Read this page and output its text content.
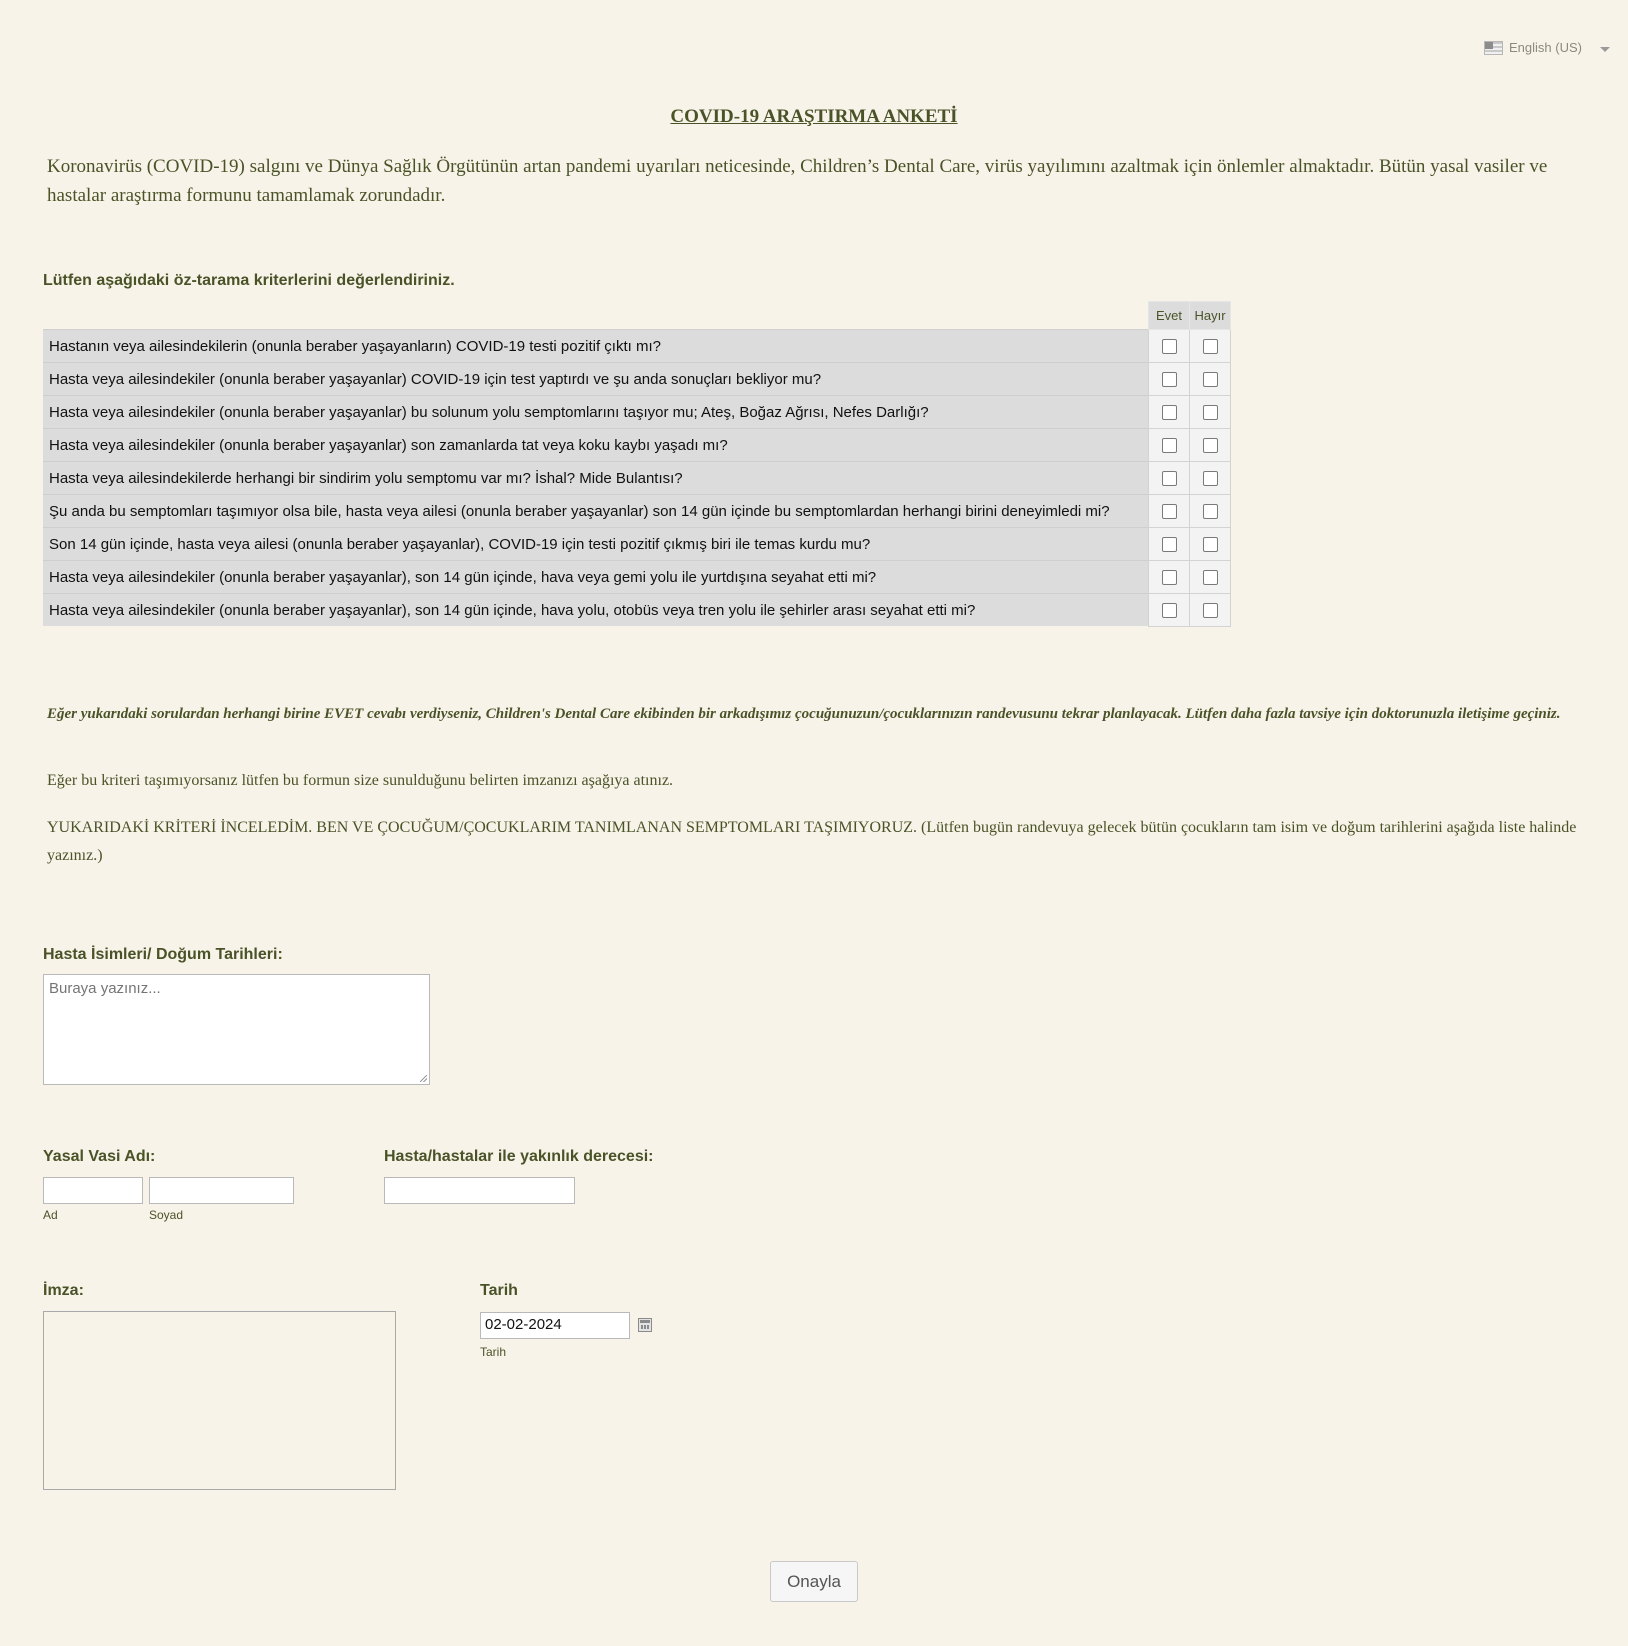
English (US)
COVID-19 ARAŞTIRMA ANKETİ
Koronavirüs (COVID-19) salgını ve Dünya Sağlık Örgütünün artan pandemi uyarıları neticesinde, Children’s Dental Care, virüs yayılımını azaltmak için önlemler almaktadır. Bütün yasal vasiler ve hastalar araştırma formunu tamamlamak zorundadır.
Lütfen aşağıdaki öz-tarama kriterlerini değerlendiriniz.
	Evet	Hayır
Hastanın veya ailesindekilerin (onunla beraber yaşayanların) COVID-19 testi pozitif çıktı mı?		
Hasta veya ailesindekiler (onunla beraber yaşayanlar) COVID-19 için test yaptırdı ve şu anda sonuçları bekliyor mu?		
Hasta veya ailesindekiler (onunla beraber yaşayanlar) bu solunum yolu semptomlarını taşıyor mu; Ateş, Boğaz Ağrısı, Nefes Darlığı?		
Hasta veya ailesindekiler (onunla beraber yaşayanlar) son zamanlarda tat veya koku kaybı yaşadı mı?		
Hasta veya ailesindekilerde herhangi bir sindirim yolu semptomu var mı? İshal? Mide Bulantısı?		
Şu anda bu semptomları taşımıyor olsa bile, hasta veya ailesi (onunla beraber yaşayanlar) son 14 gün içinde bu semptomlardan herhangi birini deneyimledi mi?		
Son 14 gün içinde, hasta veya ailesi (onunla beraber yaşayanlar), COVID-19 için testi pozitif çıkmış biri ile temas kurdu mu?		
Hasta veya ailesindekiler (onunla beraber yaşayanlar), son 14 gün içinde, hava veya gemi yolu ile yurtdışına seyahat etti mi?		
Hasta veya ailesindekiler (onunla beraber yaşayanlar), son 14 gün içinde, hava yolu, otobüs veya tren yolu ile şehirler arası seyahat etti mi?		
Eğer yukarıdaki sorulardan herhangi birine EVET cevabı verdiyseniz, Children's Dental Care ekibinden bir arkadışımız çocuğunuzun/çocuklarınızın randevusunu tekrar planlayacak. Lütfen daha fazla tavsiye için doktorunuzla iletişime geçiniz.
Eğer bu kriteri taşımıyorsanız lütfen bu formun size sunulduğunu belirten imzanızı aşağıya atınız.
YUKARIDAKİ KRİTERİ İNCELEDİM. BEN VE ÇOCUĞUM/ÇOCUKLARIM TANIMLANAN SEMPTOMLARI TAŞIMIYORUZ. (Lütfen bugün randevuya gelecek bütün çocukların tam isim ve doğum tarihlerini aşağıda liste halinde yazınız.)
Hasta İsimleri/ Doğum Tarihleri:
Buraya yazınız...
Yasal Vasi Adı:
Ad	Soyad
Hasta/hastalar ile yakınlık derecesi:
İmza:	Tarih
02-02-2024
Tarih
Onayla
